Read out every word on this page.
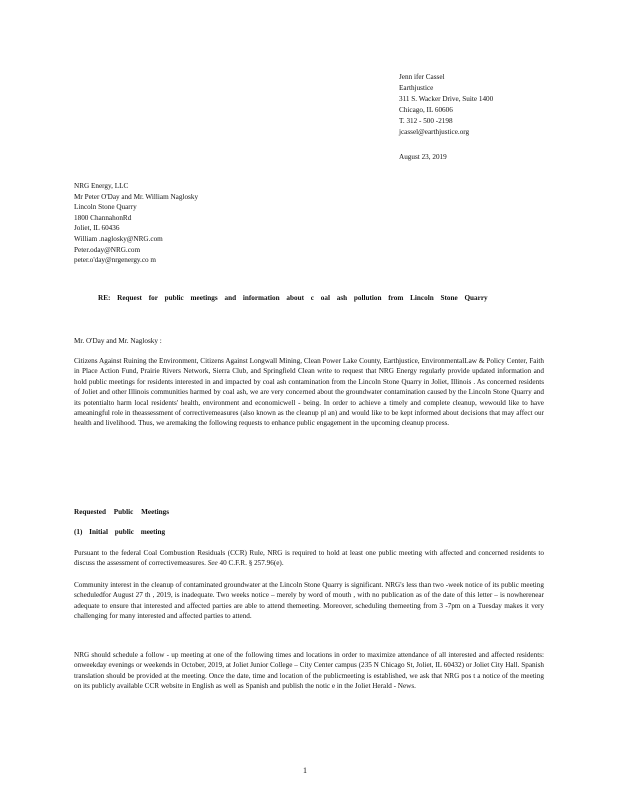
Jenn ifer Cassel
Earthjustice
311 S. Wacker Drive, Suite 1400
Chicago, IL 60606
T. 312 - 500 -2198
jcassel@earthjustice.org
August 23, 2019
NRG Energy, LLC
Mr Peter O'Day and Mr. William Naglosky
Lincoln Stone Quarry
1800 ChannahonRd
Joliet, IL 60436
William .naglosky@NRG.com
Peter.oday@NRG.com
peter.o'day@nrgenergy.co m
RE: Request for public meetings and information about c oal ash pollution from Lincoln Stone Quarry
Mr. O'Day and Mr. Naglosky :
Citizens Against Ruining the Environment, Citizens Against Longwall Mining, Clean Power Lake County, Earthjustice, EnvironmentalLaw & Policy Center, Faith in Place Action Fund, Prairie Rivers Network, Sierra Club, and Springfield Clean write to request that NRG Energy regularly provide updated information and hold public meetings for residents interested in and impacted by coal ash contamination from the Lincoln Stone Quarry in Joliet, Illinois . As concerned residents of Joliet and other Illinois communities harmed by coal ash, we are very concerned about the groundwater contamination caused by the Lincoln Stone Quarry and its potentialto harm local residents' health, environment and economicwell - being. In order to achieve a timely and complete cleanup, wewould like to have ameaningful role in theassessment of correctivemeasures (also known as the cleanup pl an) and would like to be kept informed about decisions that may affect our health and livelihood. Thus, we aremaking the following requests to enhance public engagement in the upcoming cleanup process.
Requested Public Meetings
(1) Initial public meeting
Pursuant to the federal Coal Combustion Residuals (CCR) Rule, NRG is required to hold at least one public meeting with affected and concerned residents to discuss the assessment of correctivemeasures. See 40 C.F.R. § 257.96(e).
Community interest in the cleanup of contaminated groundwater at the Lincoln Stone Quarry is significant. NRG's less than two -week notice of its public meeting scheduledfor August 27 th , 2019, is inadequate. Two weeks notice – merely by word of mouth , with no publication as of the date of this letter – is nowherenear adequate to ensure that interested and affected parties are able to attend themeeting. Moreover, scheduling themeeting from 3 -7pm on a Tuesday makes it very challenging for many interested and affected parties to attend.
NRG should schedule a follow - up meeting at one of the following times and locations in order to maximize attendance of all interested and affected residents: onweekday evenings or weekends in October, 2019, at Joliet Junior College – City Center campus (235 N Chicago St, Joliet, IL 60432) or Joliet City Hall. Spanish translation should be provided at the meeting. Once the date, time and location of the publicmeeting is established, we ask that NRG pos t a notice of the meeting on its publicly available CCR website in English as well as Spanish and publish the notic e in the Joliet Herald - News.
1
